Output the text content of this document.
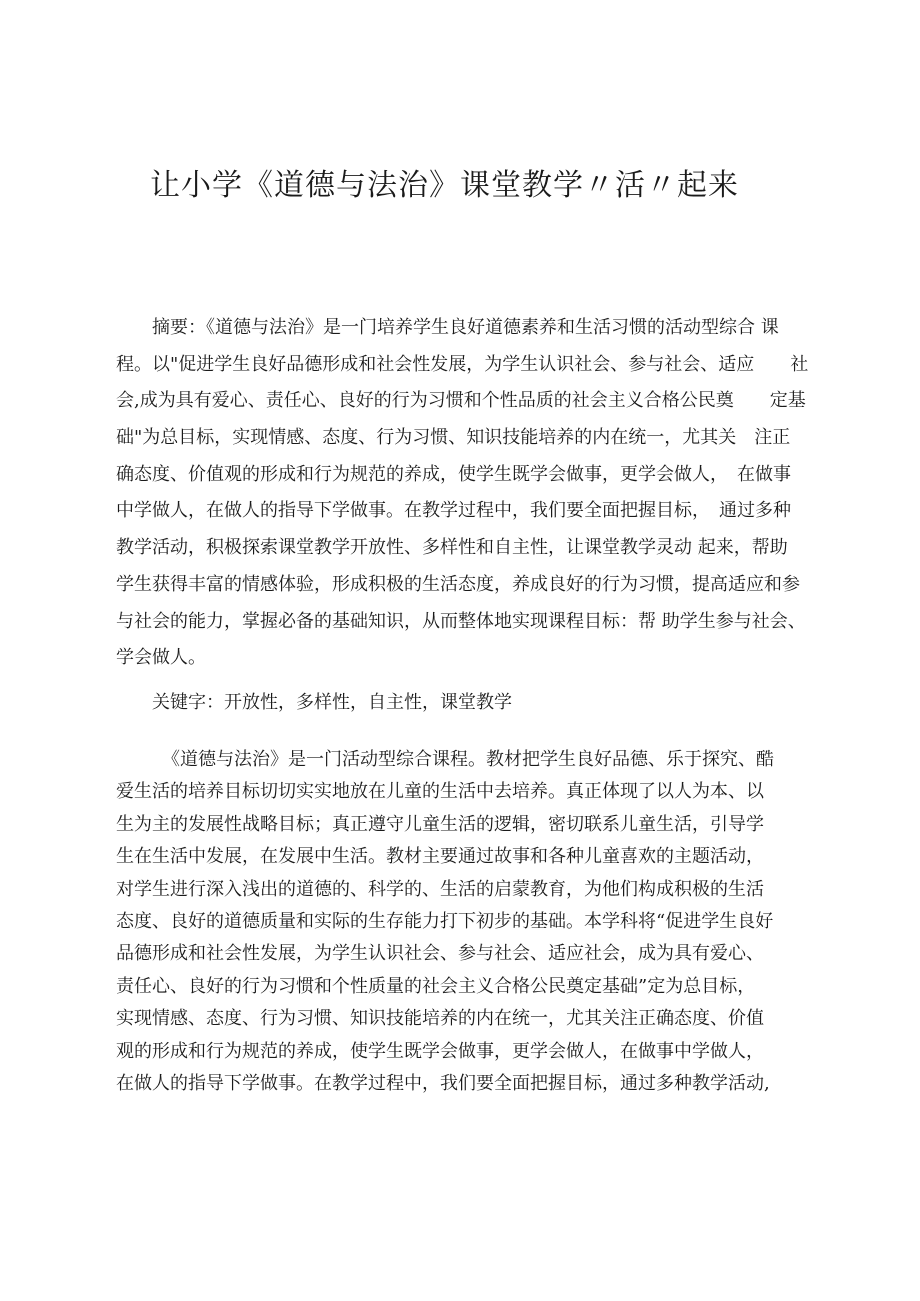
让小学《道德与法治》课堂教学〃活〃起来
摘要：《道德与法治》是一门培养学生良好道德素养和生活习惯的活动型综合 课
程。以"促进学生良好品德形成和社会性发展，为学生认识社会、参与社会、适应　　社
会,成为具有爱心、责任心、良好的行为习惯和个性品质的社会主义合格公民奠　　定基
础"为总目标，实现情感、态度、行为习惯、知识技能培养的内在统一，尤其关　注正
确态度、价值观的形成和行为规范的养成，使学生既学会做事，更学会做人，　在做事
中学做人，在做人的指导下学做事。在教学过程中，我们要全面把握目标，　通过多种
教学活动，积极探索课堂教学开放性、多样性和自主性，让课堂教学灵动 起来，帮助
学生获得丰富的情感体验，形成积极的生活态度，养成良好的行为习惯，提高适应和参
与社会的能力，掌握必备的基础知识，从而整体地实现课程目标：帮 助学生参与社会、
学会做人。
关键字：开放性，多样性，自主性，课堂教学
《道德与法治》是一门活动型综合课程。教材把学生良好品德、乐于探究、酷
爱生活的培养目标切切实实地放在儿童的生活中去培养。真正体现了以人为本、以
生为主的发展性战略目标；真正遵守儿童生活的逻辑，密切联系儿童生活，引导学
生在生活中发展，在发展中生活。教材主要通过故事和各种儿童喜欢的主题活动，
对学生进行深入浅出的道德的、科学的、生活的启蒙教育，为他们构成积极的生活
态度、良好的道德质量和实际的生存能力打下初步的基础。本学科将“促进学生良好
品德形成和社会性发展，为学生认识社会、参与社会、适应社会，成为具有爱心、
责任心、良好的行为习惯和个性质量的社会主义合格公民奠定基础”定为总目标，
实现情感、态度、行为习惯、知识技能培养的内在统一，尤其关注正确态度、价值
观的形成和行为规范的养成，使学生既学会做事，更学会做人，在做事中学做人，
在做人的指导下学做事。在教学过程中，我们要全面把握目标，通过多种教学活动,
